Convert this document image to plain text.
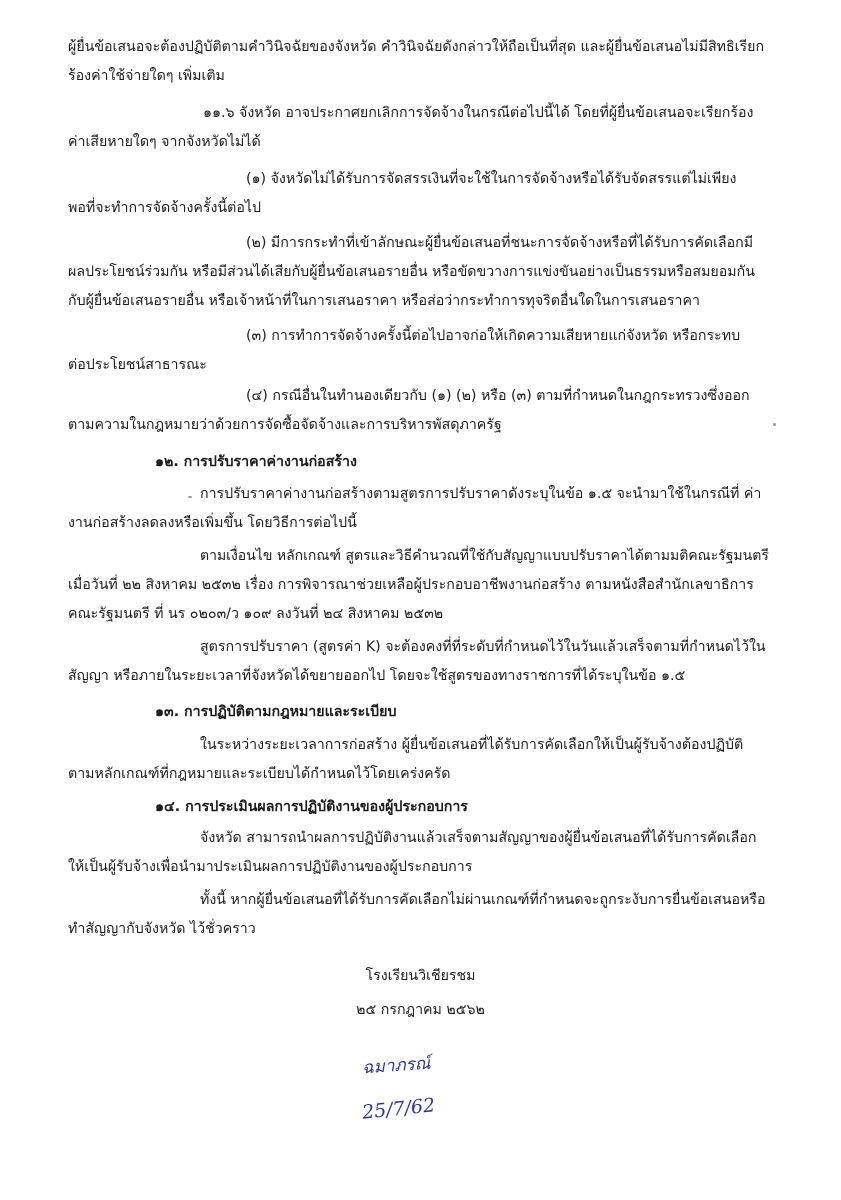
ผู้ยื่นข้อเสนอจะต้องปฏิบัติตามคำวินิจฉัยของจังหวัด คำวินิจฉัยดังกล่าวให้ถือเป็นที่สุด และผู้ยื่นข้อเสนอไม่มีสิทธิเรียก
ร้องค่าใช้จ่ายใดๆ เพิ่มเติม
๑๑.๖ จังหวัด อาจประกาศยกเลิกการจัดจ้างในกรณีต่อไปนี้ได้ โดยที่ผู้ยื่นข้อเสนอจะเรียกร้อง
ค่าเสียหายใดๆ จากจังหวัดไม่ได้
(๑) จังหวัดไม่ได้รับการจัดสรรเงินที่จะใช้ในการจัดจ้างหรือได้รับจัดสรรแต่ไม่เพียง
พอที่จะทำการจัดจ้างครั้งนี้ต่อไป
(๒) มีการกระทำที่เข้าลักษณะผู้ยื่นข้อเสนอที่ชนะการจัดจ้างหรือที่ได้รับการคัดเลือกมี
ผลประโยชน์ร่วมกัน หรือมีส่วนได้เสียกับผู้ยื่นข้อเสนอรายอื่น หรือขัดขวางการแข่งขันอย่างเป็นธรรมหรือสมยอมกัน
กับผู้ยื่นข้อเสนอรายอื่น หรือเจ้าหน้าที่ในการเสนอราคา หรือส่อว่ากระทำการทุจริตอื่นใดในการเสนอราคา
(๓) การทำการจัดจ้างครั้งนี้ต่อไปอาจก่อให้เกิดความเสียหายแก่จังหวัด หรือกระทบ
ต่อประโยชน์สาธารณะ
(๔) กรณีอื่นในทำนองเดียวกับ (๑) (๒) หรือ (๓) ตามที่กำหนดในกฎกระทรวงซึ่งออก
ตามความในกฎหมายว่าด้วยการจัดซื้อจัดจ้างและการบริหารพัสดุภาครัฐ
๑๒. การปรับราคาค่างานก่อสร้าง
การปรับราคาค่างานก่อสร้างตามสูตรการปรับราคาดังระบุในข้อ ๑.๕ จะนำมาใช้ในกรณีที่ ค่า
งานก่อสร้างลดลงหรือเพิ่มขึ้น โดยวิธีการต่อไปนี้
ตามเงื่อนไข หลักเกณฑ์ สูตรและวิธีคำนวณที่ใช้กับสัญญาแบบปรับราคาได้ตามมติคณะรัฐมนตรี
เมื่อวันที่ ๒๒ สิงหาคม ๒๕๓๒ เรื่อง การพิจารณาช่วยเหลือผู้ประกอบอาชีพงานก่อสร้าง ตามหนังสือสำนักเลขาธิการ
คณะรัฐมนตรี ที่ นร ๐๒๐๓/ว ๑๐๙ ลงวันที่ ๒๔ สิงหาคม ๒๕๓๒
สูตรการปรับราคา (สูตรค่า K) จะต้องคงที่ที่ระดับที่กำหนดไว้ในวันแล้วเสร็จตามที่กำหนดไว้ใน
สัญญา หรือภายในระยะเวลาที่จังหวัดได้ขยายออกไป โดยจะใช้สูตรของทางราชการที่ได้ระบุในข้อ ๑.๕
๑๓. การปฏิบัติตามกฎหมายและระเบียบ
ในระหว่างระยะเวลาการก่อสร้าง ผู้ยื่นข้อเสนอที่ได้รับการคัดเลือกให้เป็นผู้รับจ้างต้องปฏิบัติ
ตามหลักเกณฑ์ที่กฎหมายและระเบียบได้กำหนดไว้โดยเคร่งครัด
๑๔. การประเมินผลการปฏิบัติงานของผู้ประกอบการ
จังหวัด สามารถนำผลการปฏิบัติงานแล้วเสร็จตามสัญญาของผู้ยื่นข้อเสนอที่ได้รับการคัดเลือก
ให้เป็นผู้รับจ้างเพื่อนำมาประเมินผลการปฏิบัติงานของผู้ประกอบการ
ทั้งนี้ หากผู้ยื่นข้อเสนอที่ได้รับการคัดเลือกไม่ผ่านเกณฑ์ที่กำหนดจะถูกระงับการยื่นข้อเสนอหรือ
ทำสัญญากับจังหวัด ไว้ชั่วคราว
โรงเรียนวิเชียรชม
๒๕ กรกฎาคม ๒๕๖๒
ฉมาภรณ์
25/7/62
